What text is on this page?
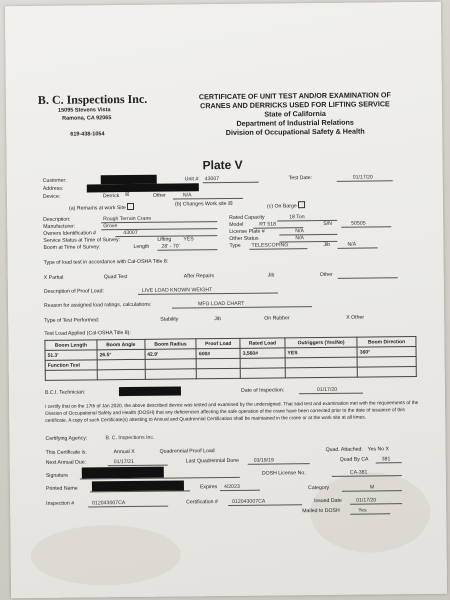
B. C. Inspections Inc.
15095 Stevens Vista
Ramona, CA 92065
619-438-1054
CERTIFICATE OF UNIT TEST AND/OR EXAMINATION OF
CRANES AND DERRICKS USED FOR LIFTING SERVICE
State of California
Department of Industrial Relations
Division of Occupational Safety & Health
Plate V
Customer:	Unit #: 43007	Test Date:	01/17/20
Address:
Device:	Derrick ☒	Other	N/A
(a) Remains at work Site
(b) Changes Work site ☒	(c) On Barge
Description:	Rough Terrain Crane
Manufacturer:	Grove
Owners Identification #	43007
Service Status at Time of Survey:	Lifting YES
Boom at Time of Survey:	Length 28' - 70'
Rated Capacity	18 Ton
Model	RT 518	S/N	50505
License Plate #	N/A
Other Status	N/A
Type TELESCOPING	Jib	N/A
Type of load test in accordance with Cal-OSHA Title 8:
X Partial	Quad Test	After Repairs	Jib	Other
Description of Proof Load:	LIVE LOAD KNOWN WEIGHT
Reason for assigned load ratings, calculations:	MFG LOAD CHART
Type of Test Performed:	Stability	Jib	On Rubber	X Other
Test Load Applied (Cal-OSHA Title 8):
Boom Length	Boom Angle	Boom Radius	Proof Load	Rated Load	Outriggers (Yes/No)	Boom Direction
51.3'	26.5°	42.9'	600#	3,560#	YES	360°
Function Test						

B.C.I. Technician:	Date of Inspection:	01/17/20
I certify that on the 17th of Jan 2020, the above described device was tested and examined by the undersigned. That said test and examination met with the requirements of the Division of Occupational Safety and Health (DOSH) that any deficiencies affecting the safe operation of the crane have been corrected prior to the date of issuance of this certificate. A copy of such Certificate(s) attesting to Annual and Quadrennial Certification shall be maintained in the crane or at the work site at all times.
Certifying Agency:	B. C. Inspections Inc.
This Certificate is:	Annual X	Quadrennial Proof Load	Quad. Attached: Yes No X
Next Annual Due:	01/17/21	Last Quadrennial Done	03/19/19	Quad By CA	381
Signature	DOSH License No.	CA-381
Printed Name	Expires 4/2023	Category	M
Inspection #	012043007CA	Certification #	012043007CA	Issued Date	01/17/20
Mailed to DOSH	Yes
